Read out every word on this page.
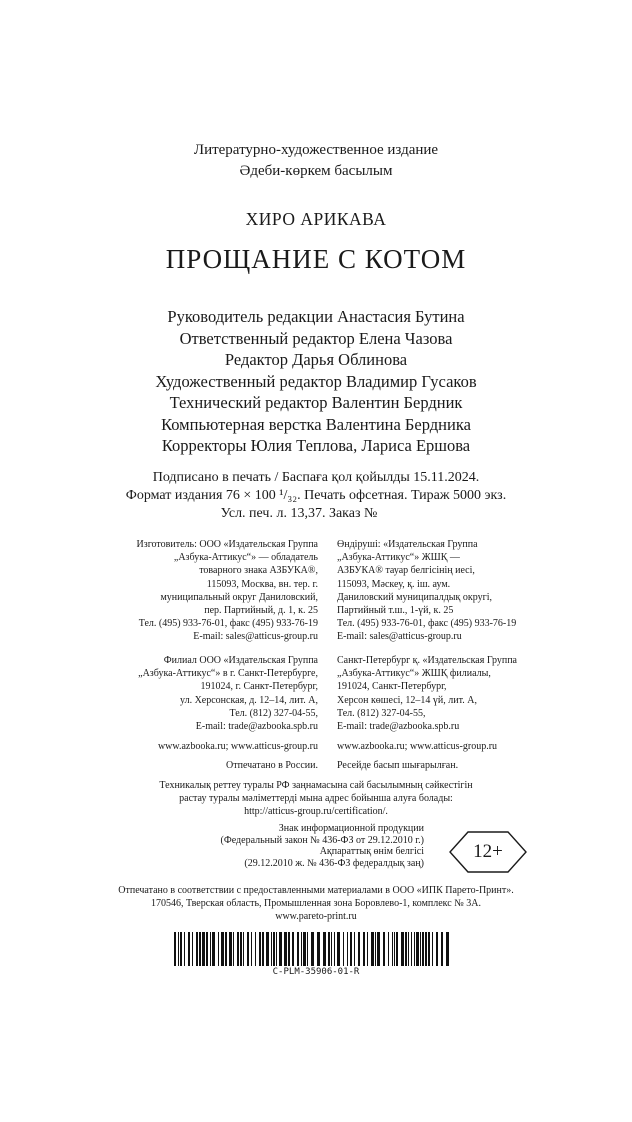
Литературно-художественное издание
Әдеби-көркем басылым
ХИРО АРИКАВА
ПРОЩАНИЕ С КОТОМ
Руководитель редакции Анастасия Бутина
Ответственный редактор Елена Чазова
Редактор Дарья Облинова
Художественный редактор Владимир Гусаков
Технический редактор Валентин Бердник
Компьютерная верстка Валентина Бердника
Корректоры Юлия Теплова, Лариса Ершова
Подписано в печать / Баспаға қол қойылды 15.11.2024.
Формат издания 76 × 100 ¹/₃₂. Печать офсетная. Тираж 5000 экз.
Усл. печ. л. 13,37. Заказ №
Изготовитель: ООО «Издательская Группа
„Азбука-Аттикус“» — обладатель
товарного знака АЗБУКА®,
115093, Москва, вн. тер. г.
муниципальный округ Даниловский,
пер. Партийный, д. 1, к. 25
Тел. (495) 933-76-01, факс (495) 933-76-19
E-mail: sales@atticus-group.ru
Өндіруші: «Издательская Группа
„Азбука-Аттикус“» ЖШҚ —
АЗБУКА® тауар белгісінің иесі,
115093, Мәскеу, қ. іш. аум.
Даниловский муниципалдық округі,
Партийный т.ш., 1-үй, к. 25
Тел. (495) 933-76-01, факс (495) 933-76-19
E-mail: sales@atticus-group.ru
Филиал ООО «Издательская Группа
„Азбука-Аттикус“» в г. Санкт-Петербурге,
191024, г. Санкт-Петербург,
ул. Херсонская, д. 12–14, лит. А,
Тел. (812) 327-04-55,
E-mail: trade@azbooka.spb.ru
Санкт-Петербург қ. «Издательская Группа
„Азбука-Аттикус“» ЖШҚ филиалы,
191024, Санкт-Петербург,
Херсон көшесі, 12–14 үй, лит. А,
Тел. (812) 327-04-55,
E-mail: trade@azbooka.spb.ru
www.azbooka.ru; www.atticus-group.ru www.azbooka.ru; www.atticus-group.ru
Отпечатано в России. Ресейде басып шығарылған.
Техникалық реттеу туралы РФ заңнамасына сай басылымның сәйкестігін
растау туралы мәліметтерді мына адрес бойынша алуға болады:
http://atticus-group.ru/certification/.
Знак информационной продукции
(Федеральный закон № 436-ФЗ от 29.12.2010 г.)
Ақпараттық өнім белгісі
(29.12.2010 ж. № 436-ФЗ федералдық заң)
12+
Отпечатано в соответствии с предоставленными материалами в ООО «ИПК Парето-Принт».
170546, Тверская область, Промышленная зона Боровлево-1, комплекс № 3А.
www.pareto-print.ru
C-PLM-35906-01-R
